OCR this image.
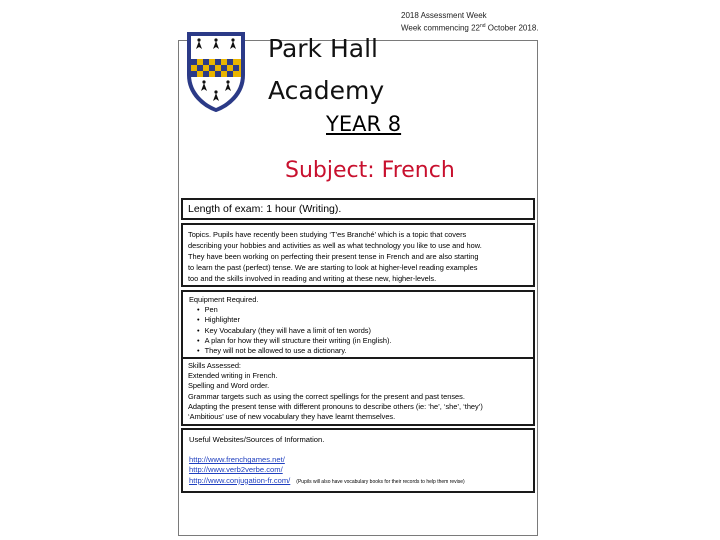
Park Hall
Academy
2018 Assessment Week
Week commencing 22nd October 2018.
YEAR 8
Subject: French
Length of exam: 1 hour (Writing).
Topics. Pupils have recently been studying ‘T’es Branché’ which is a topic that covers
describing your hobbies and activities as well as what technology you like to use and how.
They have been working on perfecting their present tense in French and are also starting
to learn the past (perfect) tense. We are starting to look at higher-level reading examples
too and the skills involved in reading and writing at these new, higher-levels.
Equipment Required.
• Pen
• Highlighter
• Key Vocabulary (they will have a limit of ten words)
• A plan for how they will structure their writing (in English).
• They will not be allowed to use a dictionary.
Skills Assessed:
Extended writing in French.
Spelling and Word order.
Grammar targets such as using the correct spellings for the present and past tenses.
Adapting the present tense with different pronouns to describe others (ie: ‘he’, ‘she’, ‘they’)
‘Ambitious’ use of new vocabulary they have learnt themselves.
Useful Websites/Sources of Information.
http://www.frenchgames.net/
http://www.verb2verbe.com/
http://www.conjugation-fr.com/ (Pupils will also have vocabulary books for their records to help them revise)
